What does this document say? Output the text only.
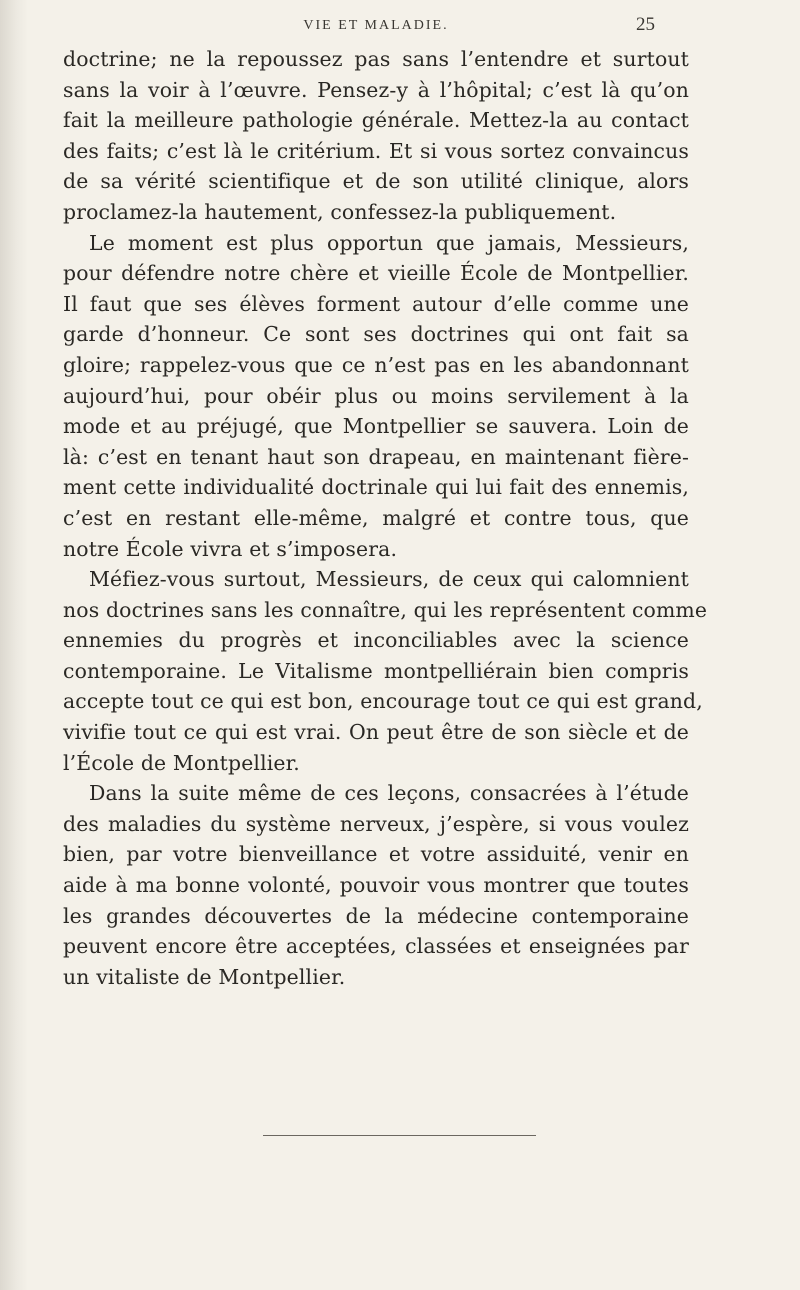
VIE ET MALADIE.	25
doctrine; ne la repoussez pas sans l’entendre et surtout
sans la voir à l’œuvre. Pensez-y à l’hôpital; c’est là qu’on
fait la meilleure pathologie générale. Mettez-la au contact
des faits; c’est là le critérium. Et si vous sortez convaincus
de sa vérité scientifique et de son utilité clinique, alors
proclamez-la hautement, confessez-la publiquement.
Le moment est plus opportun que jamais, Messieurs,
pour défendre notre chère et vieille École de Montpellier.
Il faut que ses élèves forment autour d’elle comme une
garde d’honneur. Ce sont ses doctrines qui ont fait sa
gloire; rappelez-vous que ce n’est pas en les abandonnant
aujourd’hui, pour obéir plus ou moins servilement à la
mode et au préjugé, que Montpellier se sauvera. Loin de
là: c’est en tenant haut son drapeau, en maintenant fière-
ment cette individualité doctrinale qui lui fait des ennemis,
c’est en restant elle-même, malgré et contre tous, que
notre École vivra et s’imposera.
Méfiez-vous surtout, Messieurs, de ceux qui calomnient
nos doctrines sans les connaître, qui les représentent comme
ennemies du progrès et inconciliables avec la science
contemporaine. Le Vitalisme montpelliérain bien compris
accepte tout ce qui est bon, encourage tout ce qui est grand,
vivifie tout ce qui est vrai. On peut être de son siècle et de
l’École de Montpellier.
Dans la suite même de ces leçons, consacrées à l’étude
des maladies du système nerveux, j’espère, si vous voulez
bien, par votre bienveillance et votre assiduité, venir en
aide à ma bonne volonté, pouvoir vous montrer que toutes
les grandes découvertes de la médecine contemporaine
peuvent encore être acceptées, classées et enseignées par
un vitaliste de Montpellier.
